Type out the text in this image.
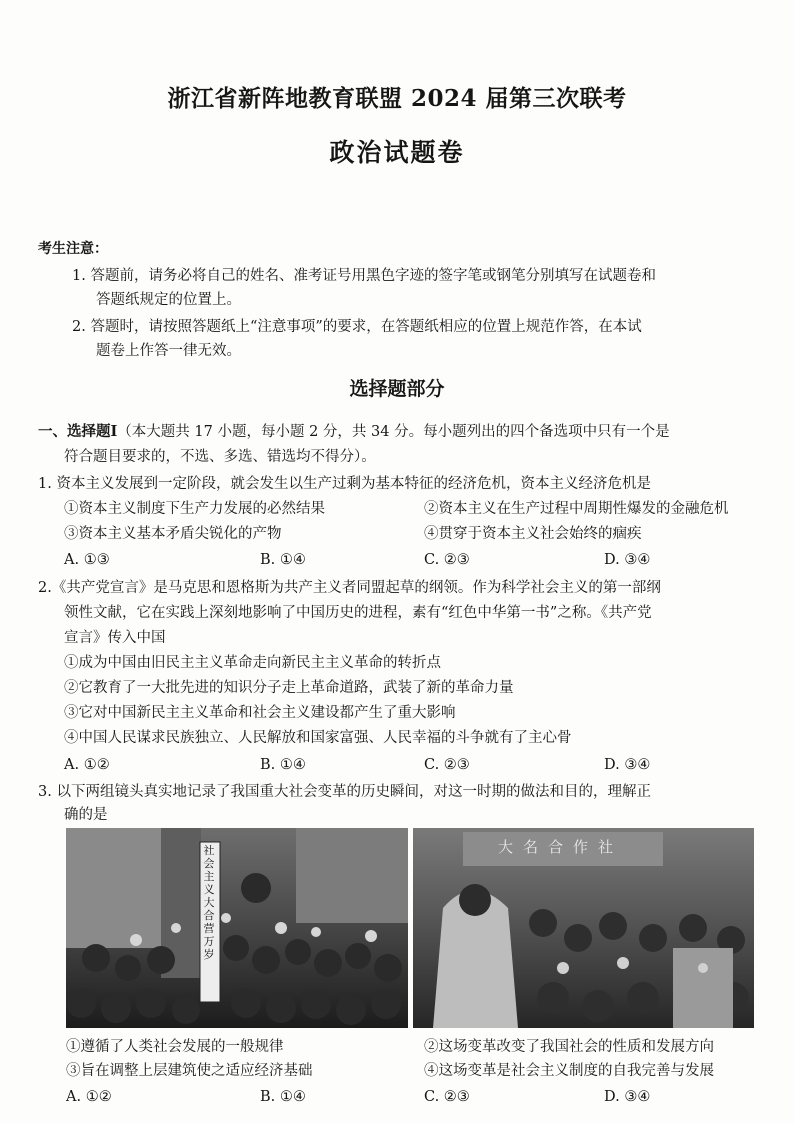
浙江省新阵地教育联盟 2024 届第三次联考
政治试题卷
考生注意：
1. 答题前，请务必将自己的姓名、准考证号用黑色字迹的签字笔或钢笔分别填写在试题卷和
答题纸规定的位置上。
2. 答题时，请按照答题纸上“注意事项”的要求，在答题纸相应的位置上规范作答，在本试
题卷上作答一律无效。
选择题部分
一、选择题Ⅰ（本大题共 17 小题，每小题 2 分，共 34 分。每小题列出的四个备选项中只有一个是
符合题目要求的，不选、多选、错选均不得分）。
1. 资本主义发展到一定阶段，就会发生以生产过剩为基本特征的经济危机，资本主义经济危机是
①资本主义制度下生产力发展的必然结果	②资本主义在生产过程中周期性爆发的金融危机
③资本主义基本矛盾尖锐化的产物	④贯穿于资本主义社会始终的痼疾
A. ①③	B. ①④	C. ②③	D. ③④
2.《共产党宣言》是马克思和恩格斯为共产主义者同盟起草的纲领。作为科学社会主义的第一部纲
领性文献，它在实践上深刻地影响了中国历史的进程，素有“红色中华第一书”之称。《共产党
宣言》传入中国
①成为中国由旧民主主义革命走向新民主主义革命的转折点
②它教育了一大批先进的知识分子走上革命道路，武装了新的革命力量
③它对中国新民主主义革命和社会主义建设都产生了重大影响
④中国人民谋求民族独立、人民解放和国家富强、人民幸福的斗争就有了主心骨
A. ①②	B. ①④	C. ②③	D. ③④
3. 以下两组镜头真实地记录了我国重大社会变革的历史瞬间，对这一时期的做法和目的，理解正
确的是
社会主义大合营万岁
大名合作社
①遵循了人类社会发展的一般规律	②这场变革改变了我国社会的性质和发展方向
③旨在调整上层建筑使之适应经济基础	④这场变革是社会主义制度的自我完善与发展
A. ①②	B. ①④	C. ②③	D. ③④
